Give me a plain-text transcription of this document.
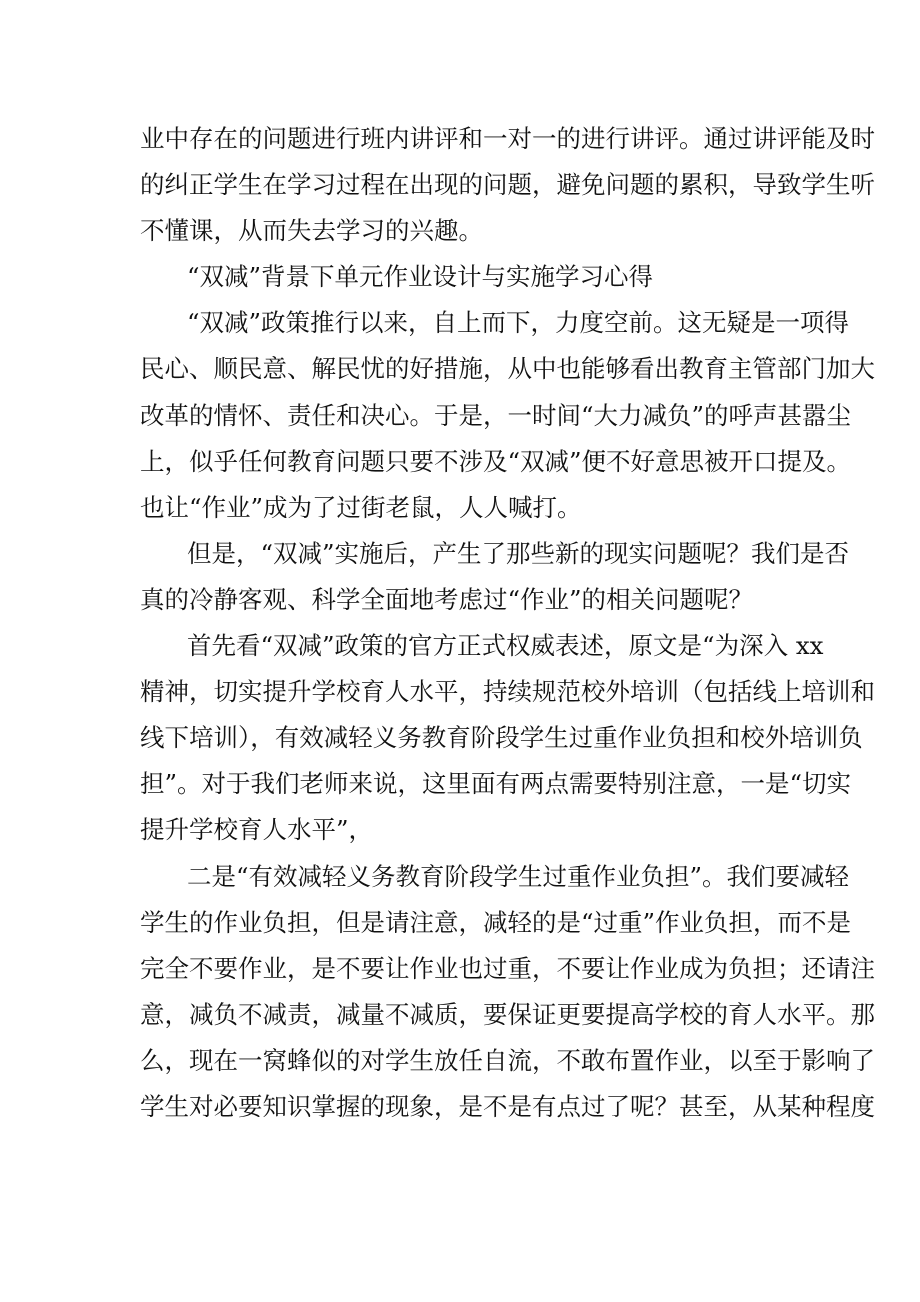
业中存在的问题进行班内讲评和一对一的进行讲评。通过讲评能及时
的纠正学生在学习过程在出现的问题，避免问题的累积，导致学生听
不懂课，从而失去学习的兴趣。
“双减”背景下单元作业设计与实施学习心得
“双减”政策推行以来，自上而下，力度空前。这无疑是一项得
民心、顺民意、解民忧的好措施，从中也能够看出教育主管部门加大
改革的情怀、责任和决心。于是，一时间“大力减负”的呼声甚嚣尘
上，似乎任何教育问题只要不涉及“双减”便不好意思被开口提及。
也让“作业”成为了过街老鼠，人人喊打。
但是，“双减”实施后，产生了那些新的现实问题呢？我们是否
真的冷静客观、科学全面地考虑过“作业”的相关问题呢？
首先看“双减”政策的官方正式权威表述，原文是“为深入 xx
精神，切实提升学校育人水平，持续规范校外培训（包括线上培训和
线下培训），有效减轻义务教育阶段学生过重作业负担和校外培训负
担”。对于我们老师来说，这里面有两点需要特别注意，一是“切实
提升学校育人水平”，
二是“有效减轻义务教育阶段学生过重作业负担”。我们要减轻
学生的作业负担，但是请注意，减轻的是“过重”作业负担，而不是
完全不要作业，是不要让作业也过重，不要让作业成为负担；还请注
意，减负不减责，减量不减质，要保证更要提高学校的育人水平。那
么，现在一窝蜂似的对学生放任自流，不敢布置作业，以至于影响了
学生对必要知识掌握的现象，是不是有点过了呢？甚至，从某种程度
